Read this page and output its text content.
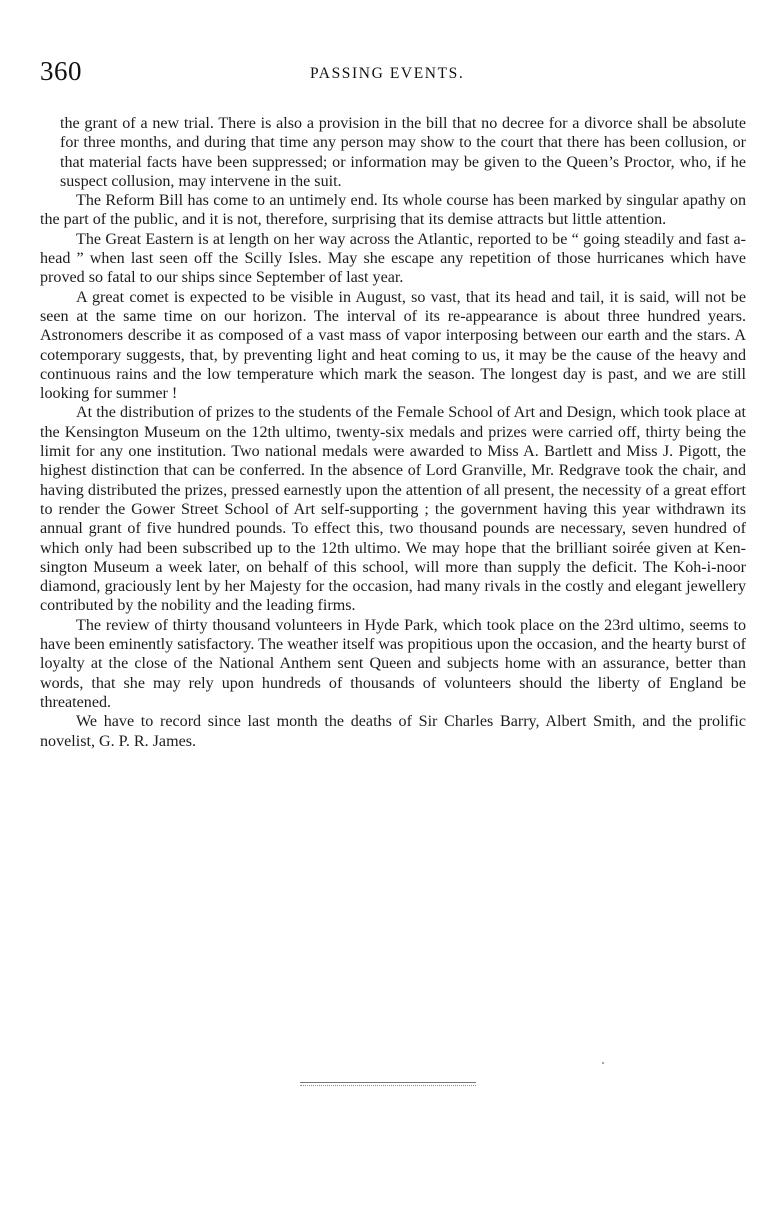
360	PASSING EVENTS.

the grant of a new trial. There is also a provision in the bill that no decree for a divorce shall be absolute for three months, and during that time any person may show to the court that there has been collusion, or that material facts have been suppressed; or information may be given to the Queen’s Proctor, who, if he suspect collusion, may intervene in the suit.

The Reform Bill has come to an untimely end. Its whole course has been marked by singular apathy on the part of the public, and it is not, therefore, surprising that its demise attracts but little attention.

The Great Eastern is at length on her way across the Atlantic, reported to be “ going steadily and fast a-head ” when last seen off the Scilly Isles. May she escape any repetition of those hurricanes which have proved so fatal to our ships since September of last year.

A great comet is expected to be visible in August, so vast, that its head and tail, it is said, will not be seen at the same time on our horizon. The interval of its re-appearance is about three hundred years. Astronomers describe it as composed of a vast mass of vapor interposing between our earth and the stars. A cotemporary suggests, that, by preventing light and heat coming to us, it may be the cause of the heavy and continuous rains and the low temperature which mark the season. The longest day is past, and we are still looking for summer !

At the distribution of prizes to the students of the Female School of Art and Design, which took place at the Kensington Museum on the 12th ultimo, twenty-six medals and prizes were carried off, thirty being the limit for any one institution. Two national medals were awarded to Miss A. Bartlett and Miss J. Pigott, the highest distinction that can be conferred. In the absence of Lord Granville, Mr. Redgrave took the chair, and having distributed the prizes, pressed earnestly upon the attention of all present, the necessity of a great effort to render the Gower Street School of Art self-supporting ; the government having this year withdrawn its annual grant of five hundred pounds. To effect this, two thousand pounds are necessary, seven hundred of which only had been subscribed up to the 12th ultimo. We may hope that the brilliant soirée given at Kensington Museum a week later, on behalf of this school, will more than supply the deficit. The Koh-i-noor diamond, graciously lent by her Majesty for the occasion, had many rivals in the costly and elegant jewellery contributed by the nobility and the leading firms.

The review of thirty thousand volunteers in Hyde Park, which took place on the 23rd ultimo, seems to have been eminently satisfactory. The weather itself was propitious upon the occasion, and the hearty burst of loyalty at the close of the National Anthem sent Queen and subjects home with an assurance, better than words, that she may rely upon hundreds of thousands of volunteers should the liberty of England be threatened.

We have to record since last month the deaths of Sir Charles Barry, Albert Smith, and the prolific novelist, G. P. R. James.
